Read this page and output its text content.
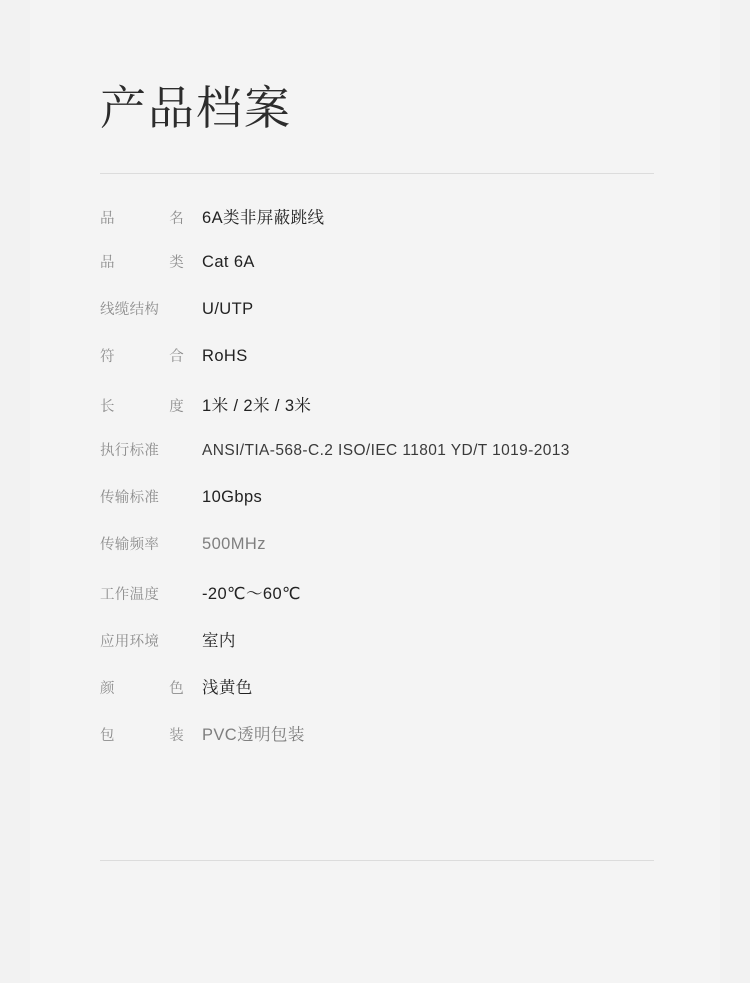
产品档案
品	名 6A类非屏蔽跳线
品	类 Cat 6A
线缆结构	U/UTP
符	合 RoHS
长	度 1米 / 2米 / 3米
执行标准	ANSI/TIA-568-C.2 ISO/IEC 11801 YD/T 1019-2013
传输标准	10Gbps
传输频率	500MHz
工作温度	-20℃～60℃
应用环境	室内
颜	色 浅黄色
包	装 PVC透明包装
